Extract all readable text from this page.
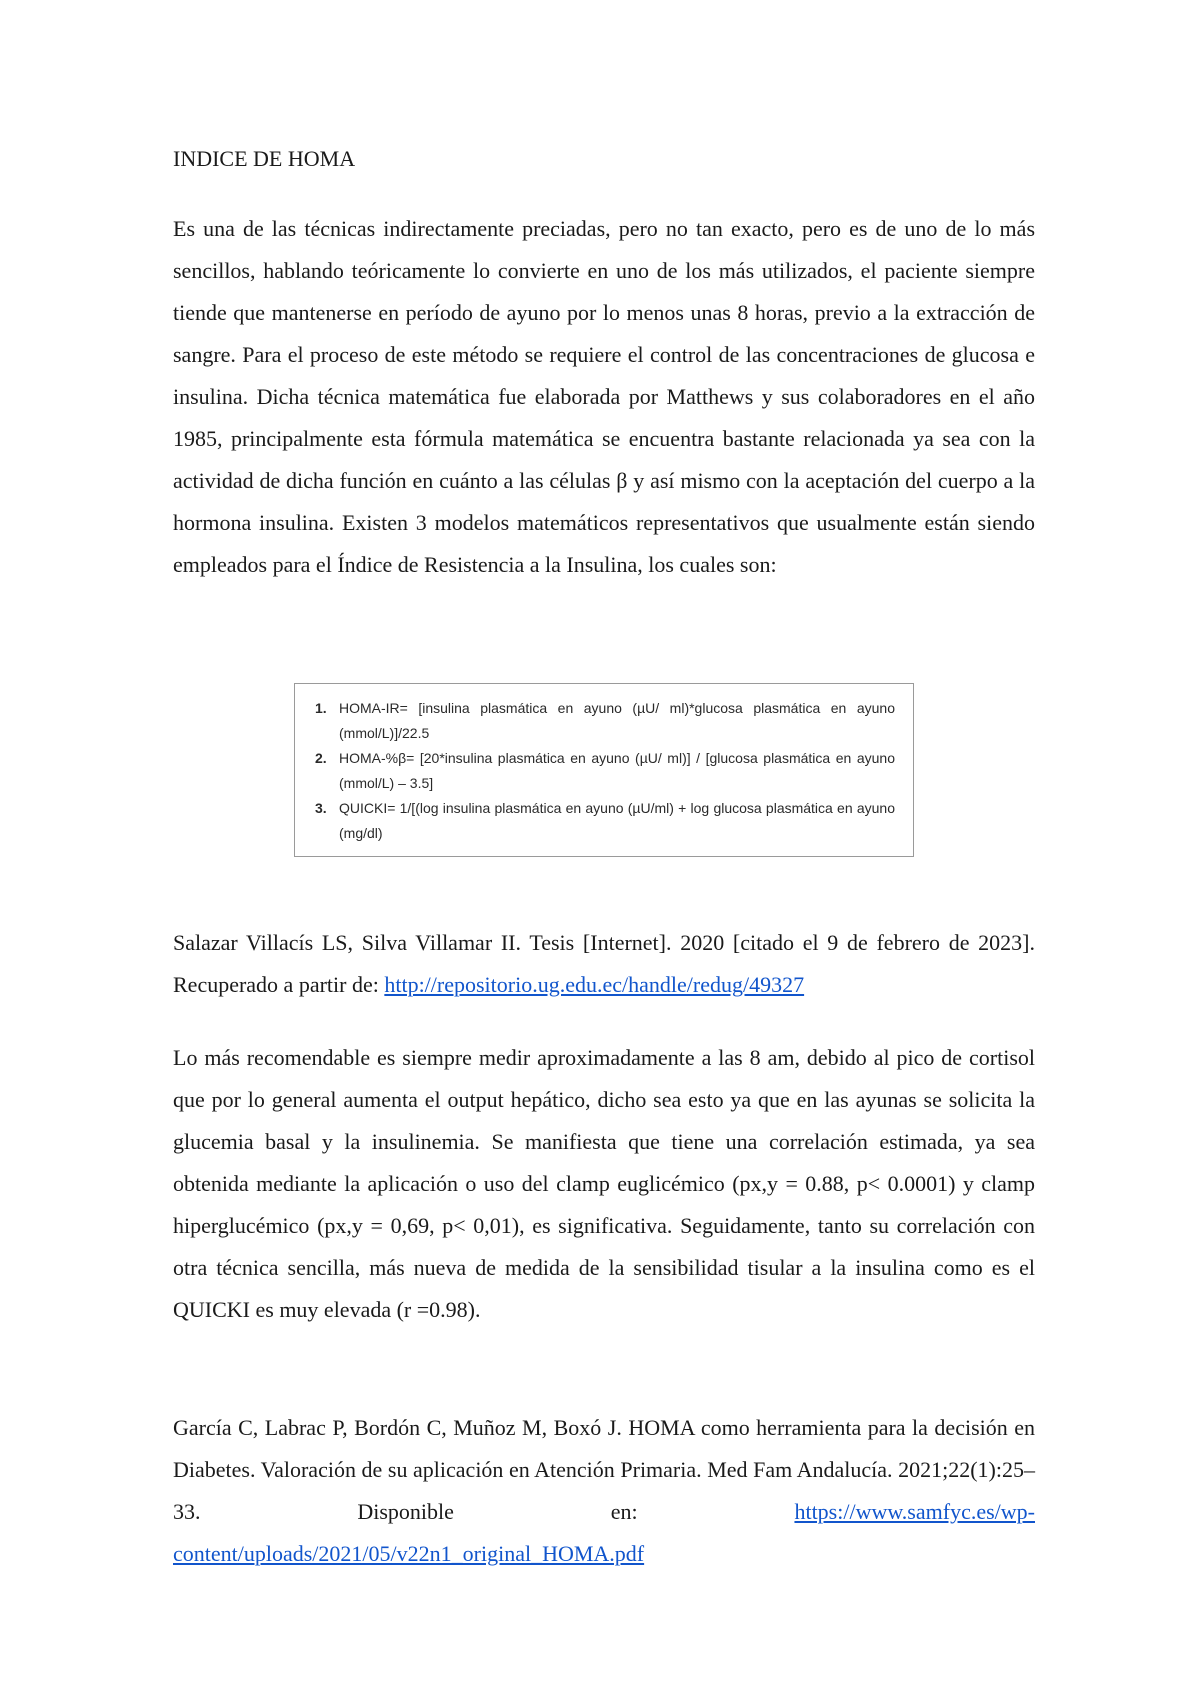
INDICE DE HOMA

Es una de las técnicas indirectamente preciadas, pero no tan exacto, pero es de uno de lo más sencillos, hablando teóricamente lo convierte en uno de los más utilizados, el paciente siempre tiende que mantenerse en período de ayuno por lo menos unas 8 horas, previo a la extracción de sangre. Para el proceso de este método se requiere el control de las concentraciones de glucosa e insulina. Dicha técnica matemática fue elaborada por Matthews y sus colaboradores en el año 1985, principalmente esta fórmula matemática se encuentra bastante relacionada ya sea con la actividad de dicha función en cuánto a las células β y así mismo con la aceptación del cuerpo a la hormona insulina. Existen 3 modelos matemáticos representativos que usualmente están siendo empleados para el Índice de Resistencia a la Insulina, los cuales son:

1. HOMA-IR= [insulina plasmática en ayuno (µU/ ml)*glucosa plasmática en ayuno (mmol/L)]/22.5
2. HOMA-%β= [20*insulina plasmática en ayuno (µU/ ml)] / [glucosa plasmática en ayuno (mmol/L) – 3.5]
3. QUICKI= 1/[(log insulina plasmática en ayuno (µU/ml) + log glucosa plasmática en ayuno (mg/dl)

Salazar Villacís LS, Silva Villamar II. Tesis [Internet]. 2020 [citado el 9 de febrero de 2023]. Recuperado a partir de: http://repositorio.ug.edu.ec/handle/redug/49327

Lo más recomendable es siempre medir aproximadamente a las 8 am, debido al pico de cortisol que por lo general aumenta el output hepático, dicho sea esto ya que en las ayunas se solicita la glucemia basal y la insulinemia. Se manifiesta que tiene una correlación estimada, ya sea obtenida mediante la aplicación o uso del clamp euglicémico (px,y = 0.88, p< 0.0001) y clamp hiperglucémico (px,y = 0,69, p< 0,01), es significativa. Seguidamente, tanto su correlación con otra técnica sencilla, más nueva de medida de la sensibilidad tisular a la insulina como es el QUICKI es muy elevada (r =0.98).

García C, Labrac P, Bordón C, Muñoz M, Boxó J. HOMA como herramienta para la decisión en Diabetes. Valoración de su aplicación en Atención Primaria. Med Fam Andalucía. 2021;22(1):25–33. Disponible en: https://www.samfyc.es/wp-content/uploads/2021/05/v22n1_original_HOMA.pdf
